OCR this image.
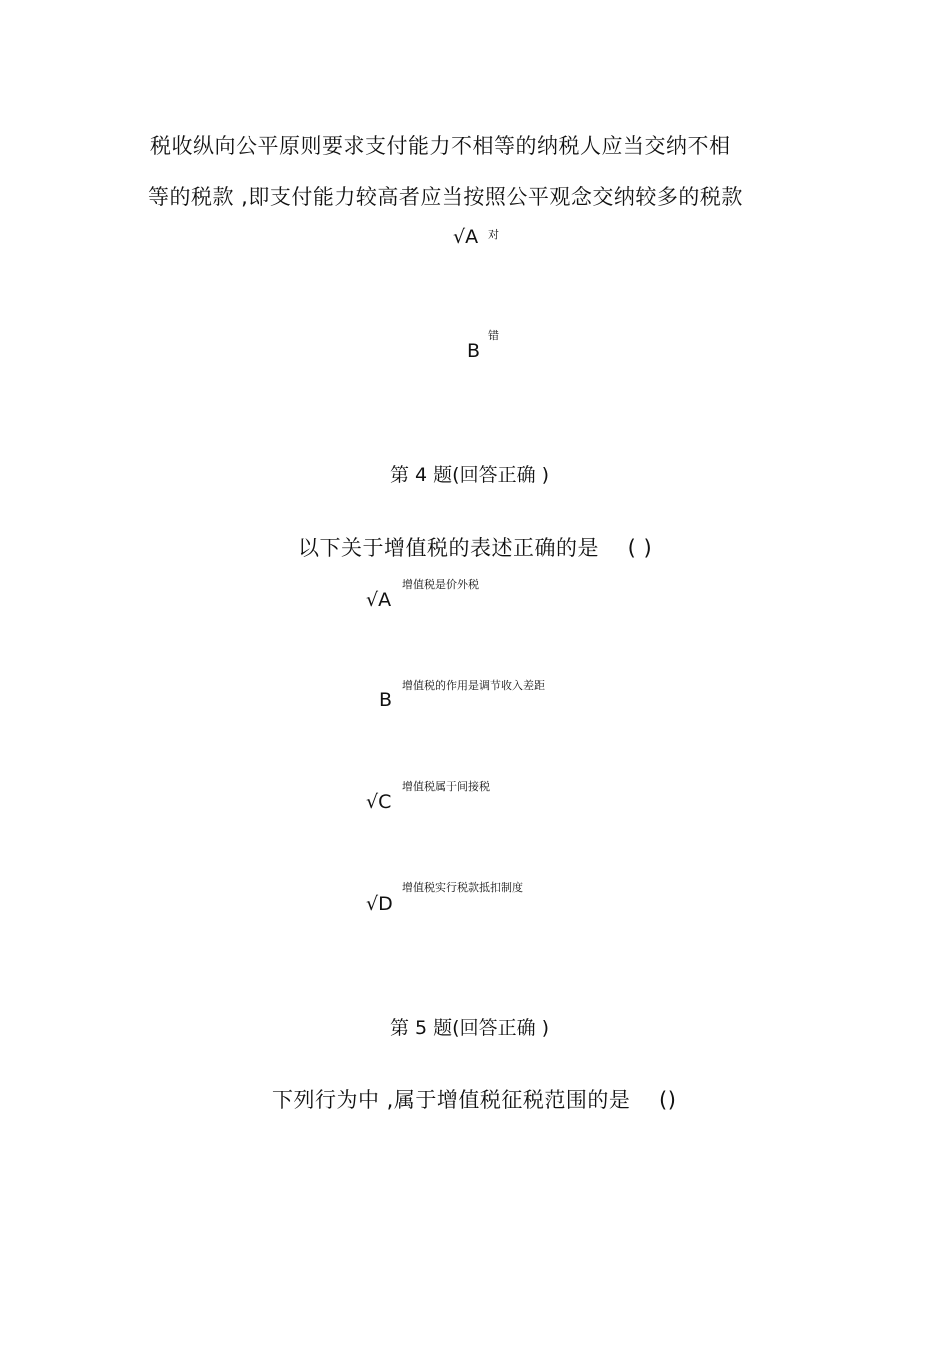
税收纵向公平原则要求支付能力不相等的纳税人应当交纳不相
等的税款 ,即支付能力较高者应当按照公平观念交纳较多的税款
√A 对
B
错
第 4 题(回答正确 )
以下关于增值税的表述正确的是　 ( )
√A
增值税是价外税
B
增值税的作用是调节收入差距
√C
增值税属于间接税
√D
增值税实行税款抵扣制度
第 5 题(回答正确 )
下列行为中 ,属于增值税征税范围的是　 ()
